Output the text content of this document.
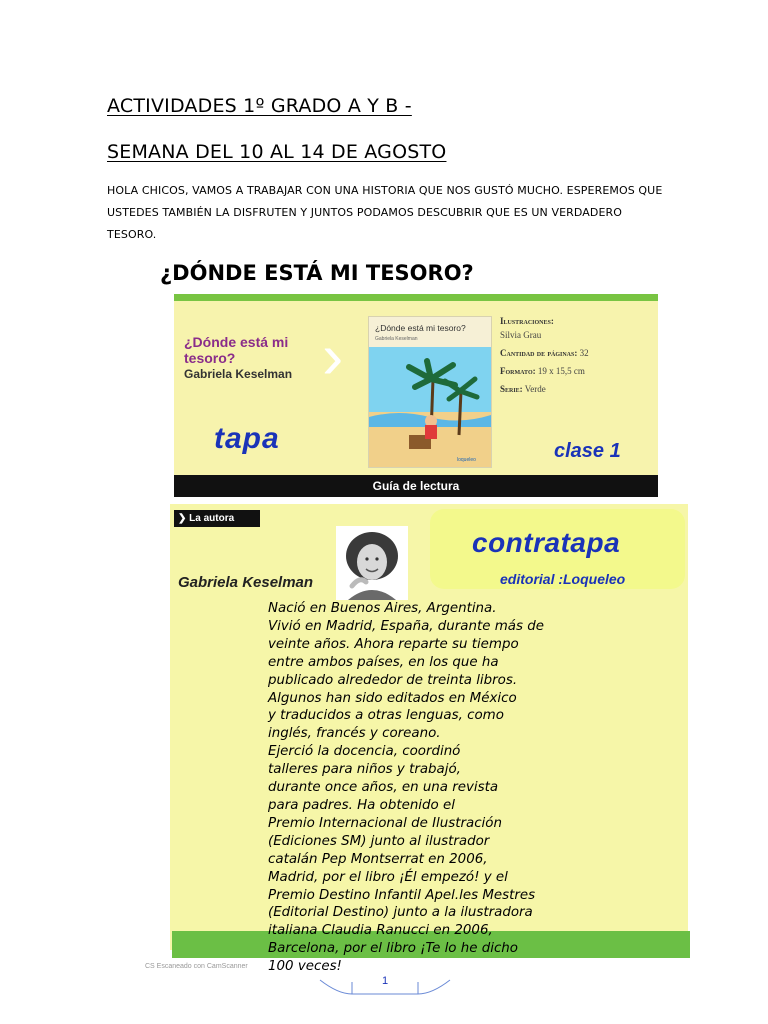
ACTIVIDADES 1º GRADO A Y B -
SEMANA DEL 10 AL 14 DE AGOSTO
HOLA CHICOS, VAMOS A TRABAJAR CON UNA HISTORIA QUE NOS GUSTÓ MUCHO. ESPEREMOS QUE USTEDES TAMBIÉN LA DISFRUTEN Y JUNTOS PODAMOS DESCUBRIR QUE ES UN VERDADERO TESORO.
¿DÓNDE ESTÁ MI TESORO?
¿Dónde está mi tesoro?
Gabriela Keselman ›	¿Dónde está mi tesoro?
Gabriela Keselman
loqueleo
Ilustraciones:
Silvia Grau
Cantidad de páginas: 32
Formato: 19 x 15,5 cm
Serie: Verde
tapa	clase 1
Guía de lectura
❯ La autora
Gabriela Keselman
contratapa
editorial :Loqueleo
Nació en Buenos Aires, Argentina.
Vivió en Madrid, España, durante más de
veinte años. Ahora reparte su tiempo
entre ambos países, en los que ha
publicado alrededor de treinta libros.
Algunos han sido editados en México
y traducidos a otras lenguas, como
inglés, francés y coreano.
Ejerció la docencia, coordinó
talleres para niños y trabajó,
durante once años, en una revista
para padres. Ha obtenido el
Premio Internacional de Ilustración
(Ediciones SM) junto al ilustrador
catalán Pep Montserrat en 2006,
Madrid, por el libro ¡Él empezó! y el
Premio Destino Infantil Apel.les Mestres
(Editorial Destino) junto a la ilustradora
italiana Claudia Ranucci en 2006,
Barcelona, por el libro ¡Te lo he dicho
100 veces!
CS Escaneado con CamScanner
1
